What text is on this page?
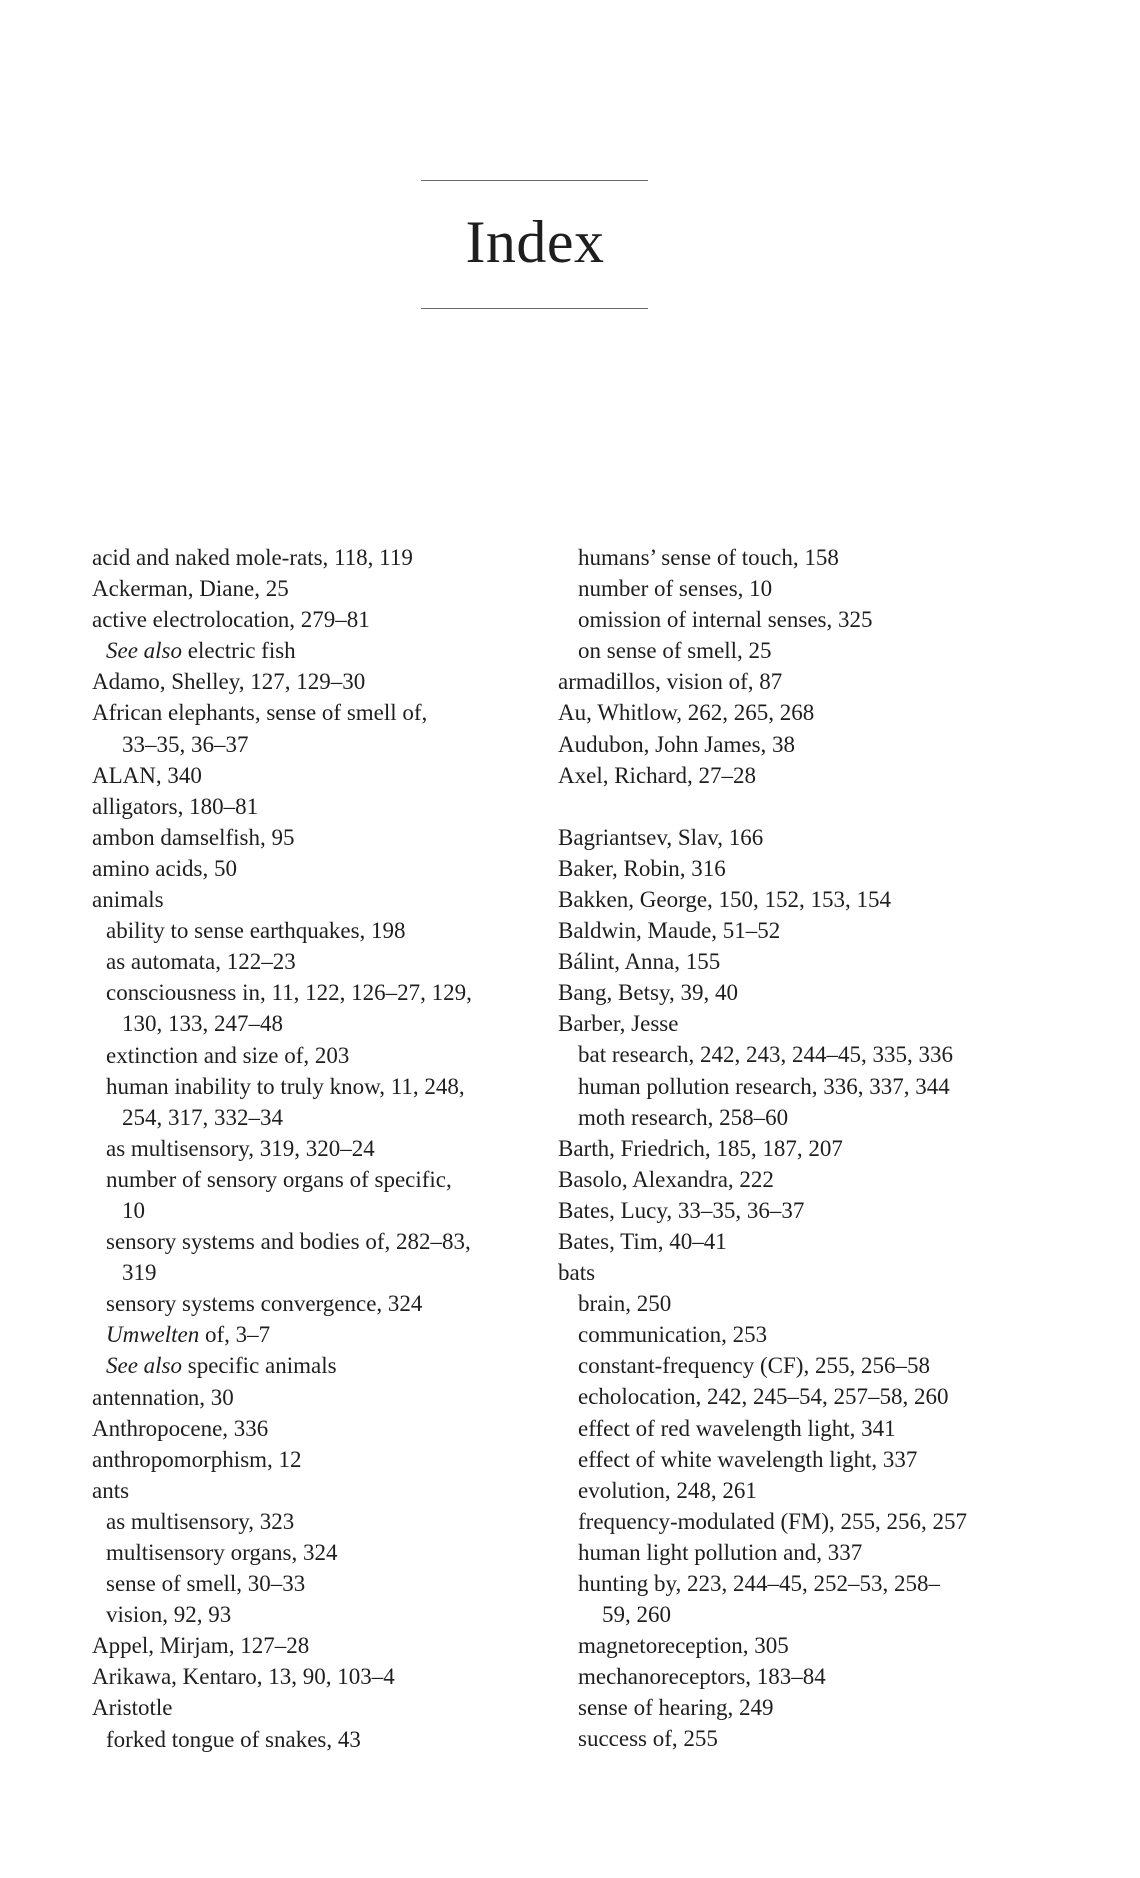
Index
acid and naked mole-rats, 118, 119
Ackerman, Diane, 25
active electrolocation, 279–81
See also electric fish
Adamo, Shelley, 127, 129–30
African elephants, sense of smell of,
33–35, 36–37
ALAN, 340
alligators, 180–81
ambon damselfish, 95
amino acids, 50
animals
ability to sense earthquakes, 198
as automata, 122–23
consciousness in, 11, 122, 126–27, 129,
130, 133, 247–48
extinction and size of, 203
human inability to truly know, 11, 248,
254, 317, 332–34
as multisensory, 319, 320–24
number of sensory organs of specific,
10
sensory systems and bodies of, 282–83,
319
sensory systems convergence, 324
Umwelten of, 3–7
See also specific animals
antennation, 30
Anthropocene, 336
anthropomorphism, 12
ants
as multisensory, 323
multisensory organs, 324
sense of smell, 30–33
vision, 92, 93
Appel, Mirjam, 127–28
Arikawa, Kentaro, 13, 90, 103–4
Aristotle
forked tongue of snakes, 43
humans’ sense of touch, 158
number of senses, 10
omission of internal senses, 325
on sense of smell, 25
armadillos, vision of, 87
Au, Whitlow, 262, 265, 268
Audubon, John James, 38
Axel, Richard, 27–28
Bagriantsev, Slav, 166
Baker, Robin, 316
Bakken, George, 150, 152, 153, 154
Baldwin, Maude, 51–52
Bálint, Anna, 155
Bang, Betsy, 39, 40
Barber, Jesse
bat research, 242, 243, 244–45, 335, 336
human pollution research, 336, 337, 344
moth research, 258–60
Barth, Friedrich, 185, 187, 207
Basolo, Alexandra, 222
Bates, Lucy, 33–35, 36–37
Bates, Tim, 40–41
bats
brain, 250
communication, 253
constant-frequency (CF), 255, 256–58
echolocation, 242, 245–54, 257–58, 260
effect of red wavelength light, 341
effect of white wavelength light, 337
evolution, 248, 261
frequency-modulated (FM), 255, 256, 257
human light pollution and, 337
hunting by, 223, 244–45, 252–53, 258–
59, 260
magnetoreception, 305
mechanoreceptors, 183–84
sense of hearing, 249
success of, 255
